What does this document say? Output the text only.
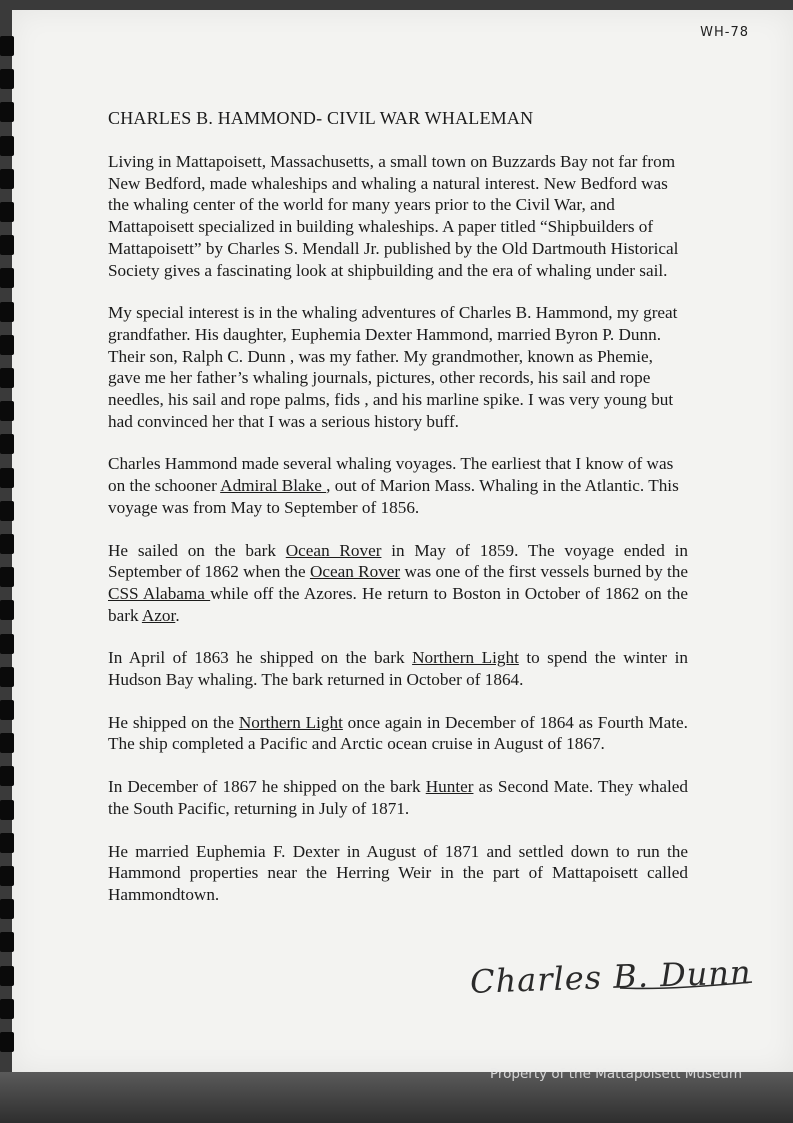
WH-78
CHARLES B. HAMMOND- CIVIL WAR WHALEMAN

Living in Mattapoisett, Massachusetts, a small town on Buzzards Bay not far from New Bedford, made whaleships and whaling a natural interest. New Bedford was the whaling center of the world for many years prior to the Civil War, and Mattapoisett specialized in building whaleships. A paper titled “Shipbuilders of Mattapoisett” by Charles S. Mendall Jr. published by the Old Dartmouth Historical Society gives a fascinating look at shipbuilding and the era of whaling under sail.

My special interest is in the whaling adventures of Charles B. Hammond, my great grandfather. His daughter, Euphemia Dexter Hammond, married Byron P. Dunn. Their son, Ralph C. Dunn , was my father. My grandmother, known as Phemie, gave me her father’s whaling journals, pictures, other records, his sail and rope needles, his sail and rope palms, fids , and his marline spike. I was very young but had convinced her that I was a serious history buff.

Charles Hammond made several whaling voyages. The earliest that I know of was on the schooner Admiral Blake , out of Marion Mass. Whaling in the Atlantic. This voyage was from May to September of 1856.

He sailed on the bark Ocean Rover in May of 1859. The voyage ended in September of 1862 when the Ocean Rover was one of the first vessels burned by the CSS Alabama while off the Azores. He return to Boston in October of 1862 on the bark Azor.

In April of 1863 he shipped on the bark Northern Light to spend the winter in Hudson Bay whaling. The bark returned in October of 1864.

He shipped on the Northern Light once again in December of 1864 as Fourth Mate. The ship completed a Pacific and Arctic ocean cruise in August of 1867.

In December of 1867 he shipped on the bark Hunter as Second Mate. They whaled the South Pacific, returning in July of 1871.

He married Euphemia F. Dexter in August of 1871 and settled down to run the Hammond properties near the Herring Weir in the part of Mattapoisett called Hammondtown.

Charles B. Dunn
Property of the Mattapoisett Museum
